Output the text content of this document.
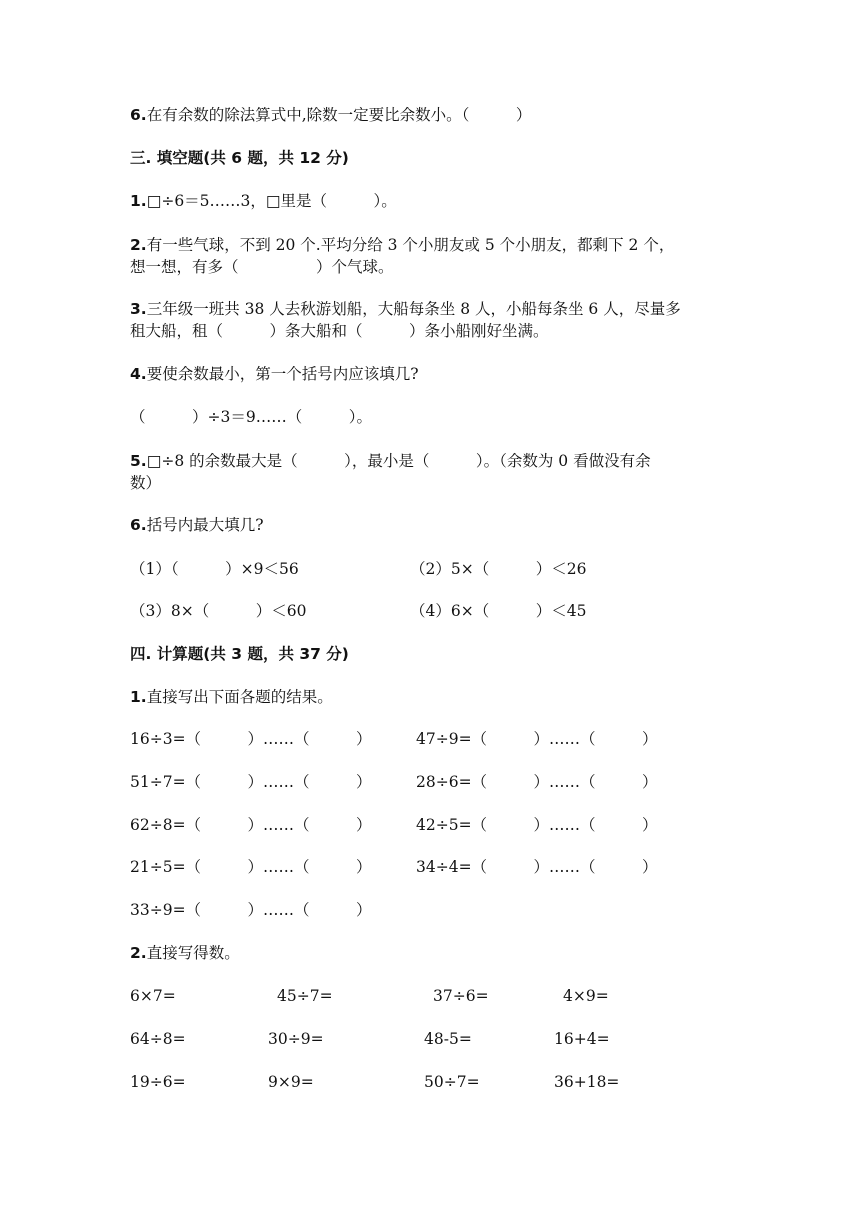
6.在有余数的除法算式中,除数一定要比余数小。（　　　）
三. 填空题(共 6 题，共 12 分)
1.□÷6＝5……3，□里是（　　　）。
2.有一些气球，不到 20 个.平均分给 3 个小朋友或 5 个小朋友，都剩下 2 个，
想一想，有多（　　　　　）个气球。
3.三年级一班共 38 人去秋游划船，大船每条坐 8 人，小船每条坐 6 人，尽量多
租大船，租（　　　）条大船和（　　　）条小船刚好坐满。
4.要使余数最小，第一个括号内应该填几?
（　　　）÷3＝9……（　　　）。
5.□÷8 的余数最大是（　　　），最小是（　　　）。（余数为 0 看做没有余
数）
6.括号内最大填几?
（1）（　　　）×9＜56	（2）5×（　　　）＜26
（3）8×（　　　）＜60	（4）6×（　　　）＜45
四. 计算题(共 3 题，共 37 分)
1.直接写出下面各题的结果。
16÷3=（　　　）……（　　　）	47÷9=（　　　）……（　　　）
51÷7=（　　　）……（　　　）	28÷6=（　　　）……（　　　）
62÷8=（　　　）……（　　　）	42÷5=（　　　）……（　　　）
21÷5=（　　　）……（　　　）	34÷4=（　　　）……（　　　）
33÷9=（　　　）……（　　　）
2.直接写得数。
6×7=	45÷7=	37÷6=	4×9=
64÷8=	30÷9=	48-5=	16+4=
19÷6=	9×9=	50÷7=	36+18=
